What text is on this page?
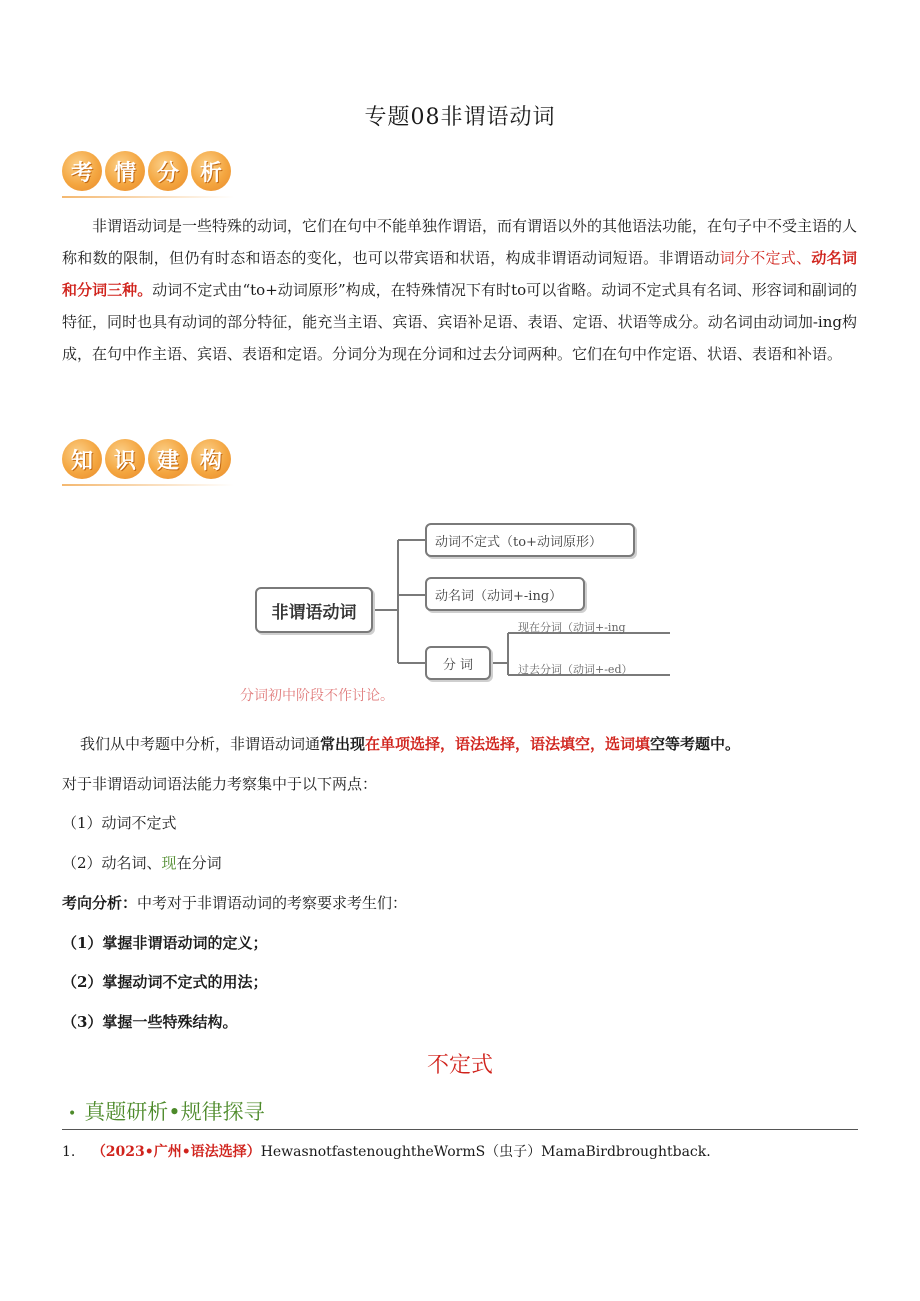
专题08非谓语动词
考 情 分 析
非谓语动词是一些特殊的动词，它们在句中不能单独作谓语，而有谓语以外的其他语法功能，在句子中不受主语的人称和数的限制，但仍有时态和语态的变化，也可以带宾语和状语，构成非谓语动词短语。非谓语动词分不定式、动名词和分词三种。动词不定式由“to+动词原形”构成，在特殊情况下有时to可以省略。动词不定式具有名词、形容词和副词的特征，同时也具有动词的部分特征，能充当主语、宾语、宾语补足语、表语、定语、状语等成分。动名词由动词加-ing构成，在句中作主语、宾语、表语和定语。分词分为现在分词和过去分词两种。它们在句中作定语、状语、表语和补语。
知 识 建 构
非谓语动词
动词不定式（to+动词原形）
动名词（动词+-ing）
分 词
现在分词（动词+-ing
过去分词（动词+-ed）
分词初中阶段不作讨论。
我们从中考题中分析，非谓语动词通常出现在单项选择，语法选择，语法填空，选词填空等考题中。
对于非谓语动词语法能力考察集中于以下两点：
（1）动词不定式
（2）动名词、现在分词
考向分析：中考对于非谓语动词的考察要求考生们：
（1）掌握非谓语动词的定义；
（2）掌握动词不定式的用法；
（3）掌握一些特殊结构。
不定式
• 真题研析•规律探寻
1. （2023•广州•语法选择）HewasnotfastenoughtheWormS（虫子）MamaBirdbroughtback.
